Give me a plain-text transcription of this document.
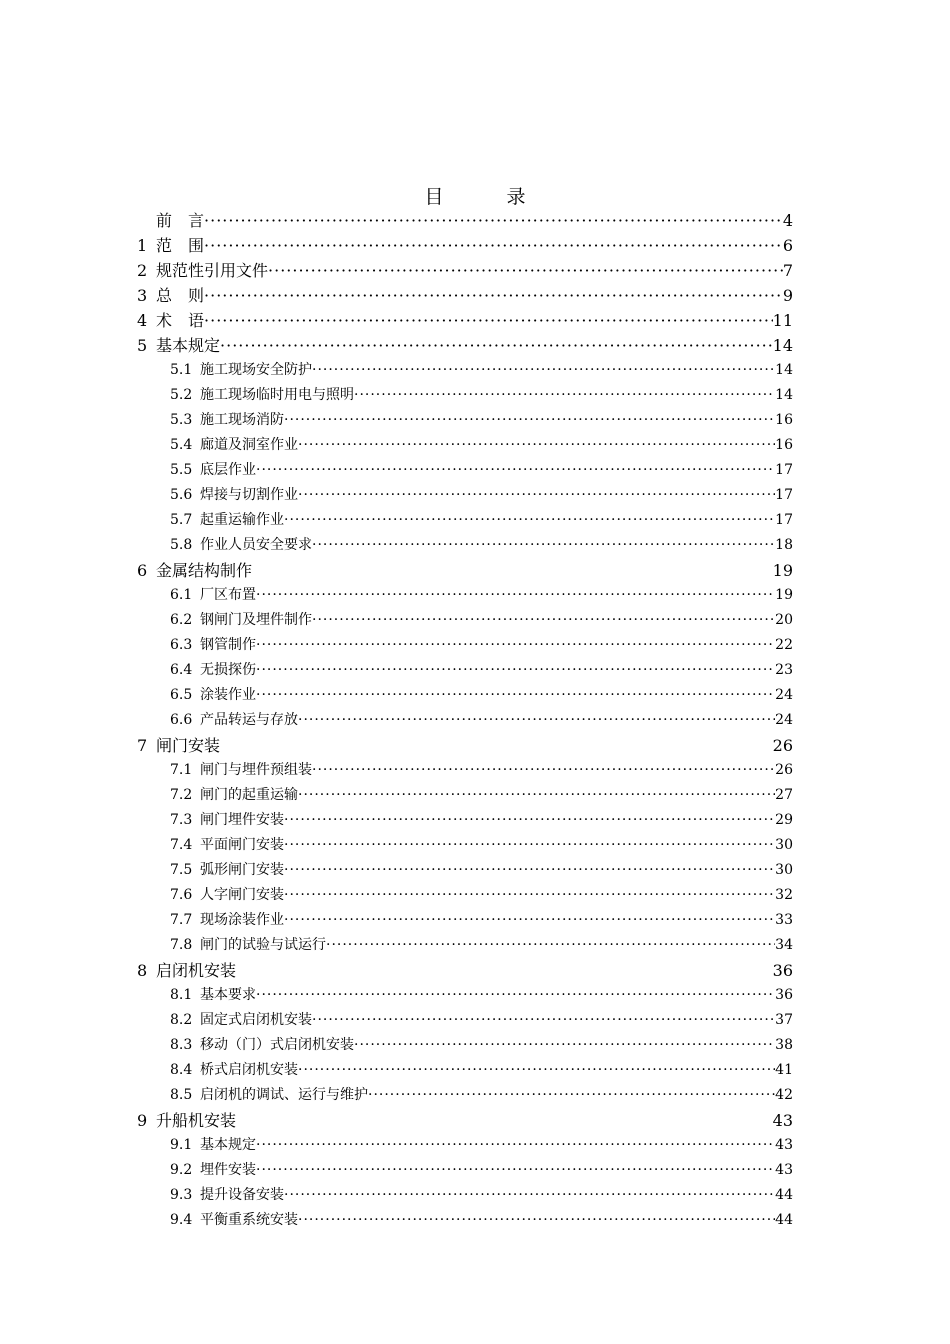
目　录
前　言 ·····	4
1 范　围 ·····	6
2 规范性引用文件 ·····	7
3 总　则 ·····	9
4 术　语 ·····	11
5 基本规定 ·····	14
5.1 施工现场安全防护 ·····	14
5.2 施工现场临时用电与照明 ·····	14
5.3 施工现场消防 ·····	16
5.4 廊道及洞室作业 ·····	16
5.5 底层作业 ·····	17
5.6 焊接与切割作业 ·····	17
5.7 起重运输作业 ·····	17
5.8 作业人员安全要求 ·····	18
6 金属结构制作	19
6.1 厂区布置 ·····	19
6.2 钢闸门及埋件制作 ·····	20
6.3 钢管制作 ·····	22
6.4 无损探伤 ·····	23
6.5 涂装作业 ·····	24
6.6 产品转运与存放 ·····	24
7 闸门安装	26
7.1 闸门与埋件预组装 ·····	26
7.2 闸门的起重运输 ·····	27
7.3 闸门埋件安装 ·····	29
7.4 平面闸门安装 ·····	30
7.5 弧形闸门安装 ·····	30
7.6 人字闸门安装 ·····	32
7.7 现场涂装作业 ·····	33
7.8 闸门的试验与试运行 ·····	34
8 启闭机安装	36
8.1 基本要求 ·····	36
8.2 固定式启闭机安装 ·····	37
8.3 移动（门）式启闭机安装 ·····	38
8.4 桥式启闭机安装 ·····	41
8.5 启闭机的调试、运行与维护 ·····	42
9 升船机安装	43
9.1 基本规定 ·····	43
9.2 埋件安装 ·····	43
9.3 提升设备安装 ·····	44
9.4 平衡重系统安装 ·····	44
